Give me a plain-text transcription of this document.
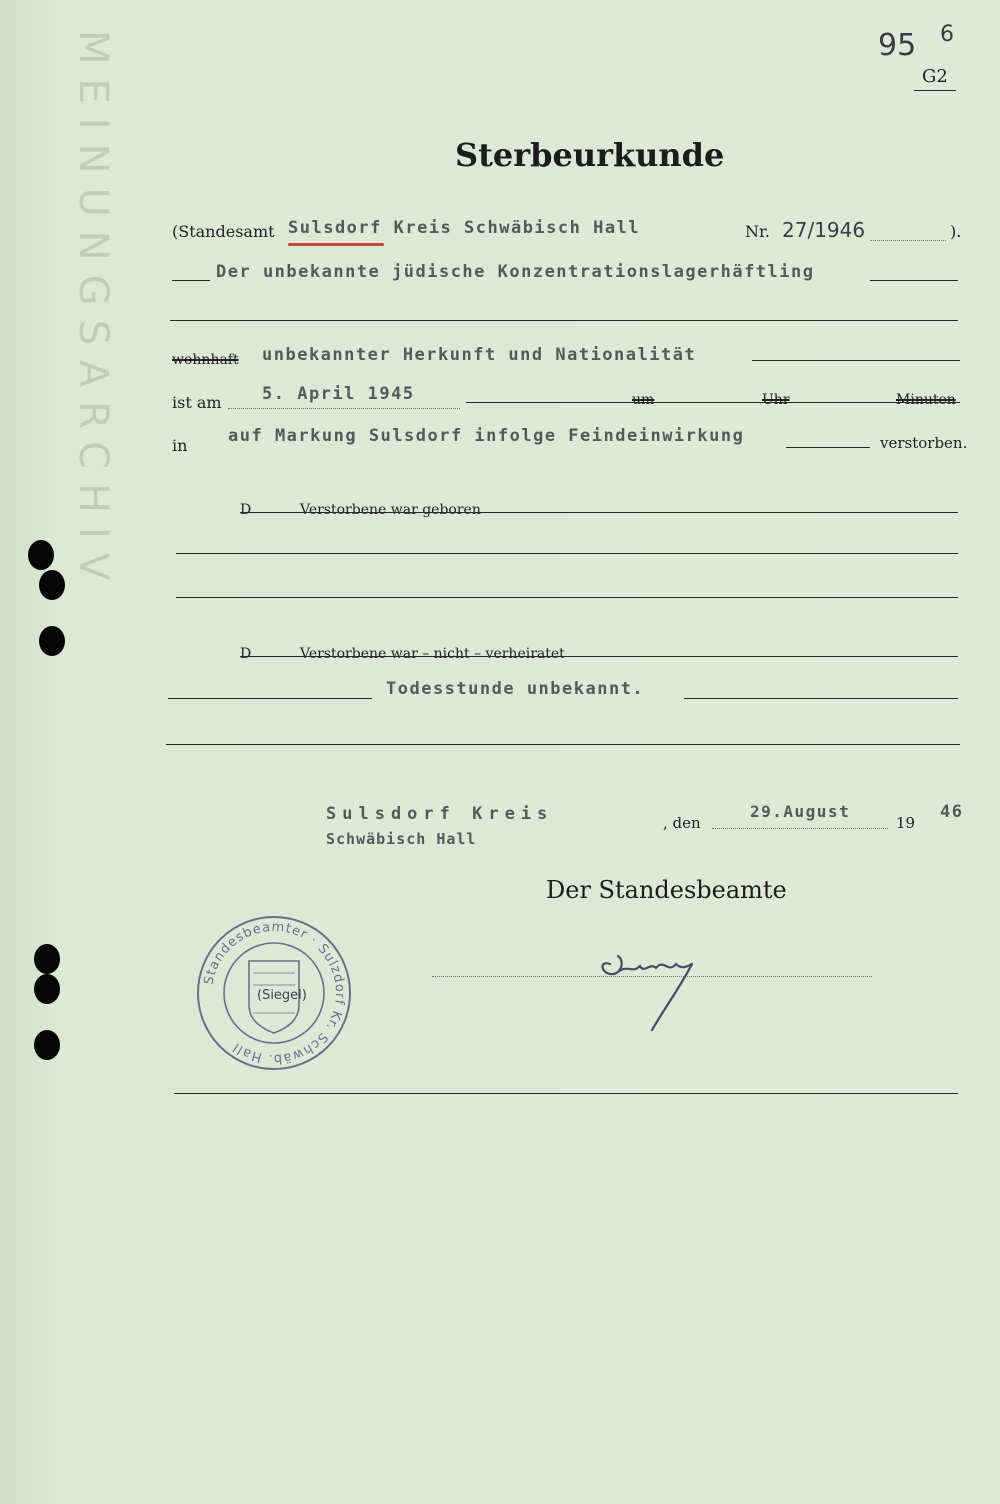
MEINUNGSARCHIV	95 6
G2
Sterbeurkunde
(Standesamt Sulsdorf Kreis Schwäbisch Hall	Nr. 27/1946	).
Der unbekannte jüdische Konzentrationslagerhäftling
wohnhaft unbekannter Herkunft und Nationalität
ist am 5. April 1945	um	Uhr	Minuten
in auf Markung Sulsdorf infolge Feindeinwirkung	verstorben.
D	Verstorbene war geboren
D	Verstorbene war – nicht – verheiratet
Todesstunde unbekannt.
Sulsdorf Kreis
Schwäbisch Hall
, den
29.August
19
46
Der Standesbeamte
Dürr
Standesbeamter · Sulzdorf Kr. Schwäb. Hall
(Siegel)
